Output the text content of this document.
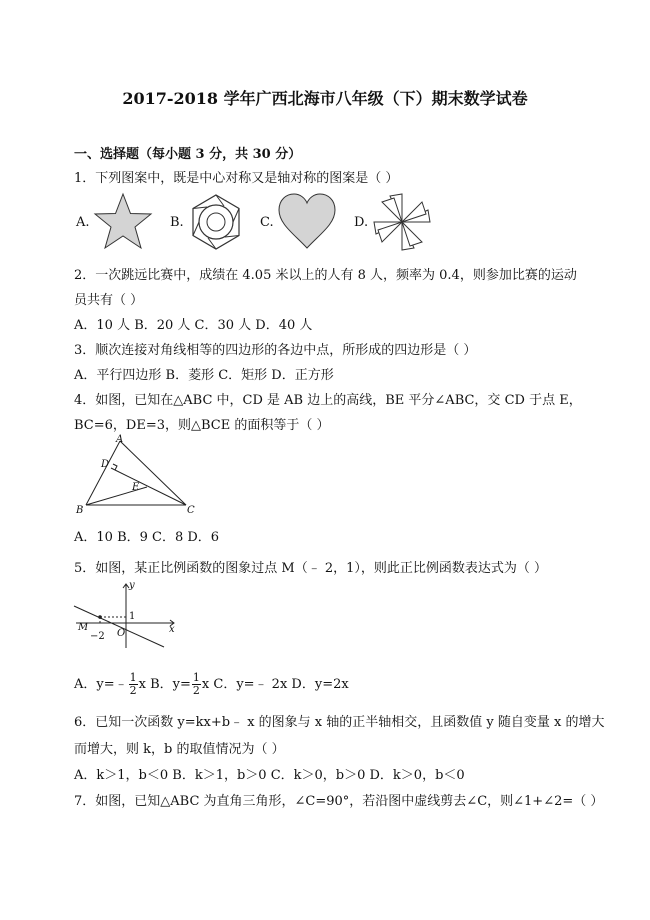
2017-2018 学年广西北海市八年级（下）期末数学试卷
一、选择题（每小题 3 分，共 30 分）
1．下列图案中，既是中心对称又是轴对称的图案是（ ）
A.	B.	C.	D.
2．一次跳远比赛中，成绩在 4.05 米以上的人有 8 人，频率为 0.4，则参加比赛的运动
员共有（ ）
A．10 人 B．20 人 C．30 人 D．40 人
3．顺次连接对角线相等的四边形的各边中点，所形成的四边形是（ ）
A．平行四边形 B．菱形 C．矩形 D．正方形
4．如图，已知在△ABC 中，CD 是 AB 边上的高线，BE 平分∠ABC，交 CD 于点 E，
BC=6，DE=3，则△BCE 的面积等于（ ）
A
D
E
B	C
A．10 B．9 C．8 D．6
5．如图，某正比例函数的图象过点 M（﹣ 2，1），则此正比例函数表达式为（ ）
y
x
M
O
−2
1
A．y=﹣ $\frac{1}{2}$ x B．$y= \frac{1}{2}$ x C．y=﹣ 2x D．y=2x
6．已知一次函数 y=kx+b﹣ x 的图象与 x 轴的正半轴相交，且函数值 y 随自变量 x 的增大
而增大，则 k，b 的取值情况为（ ）
A．k＞1，b＜0 B．k＞1，b＞0 C．k＞0，b＞0 D．k＞0，b＜0
7．如图，已知△ABC 为直角三角形，∠C=90°，若沿图中虚线剪去∠C，则∠1+∠2=（ ）
